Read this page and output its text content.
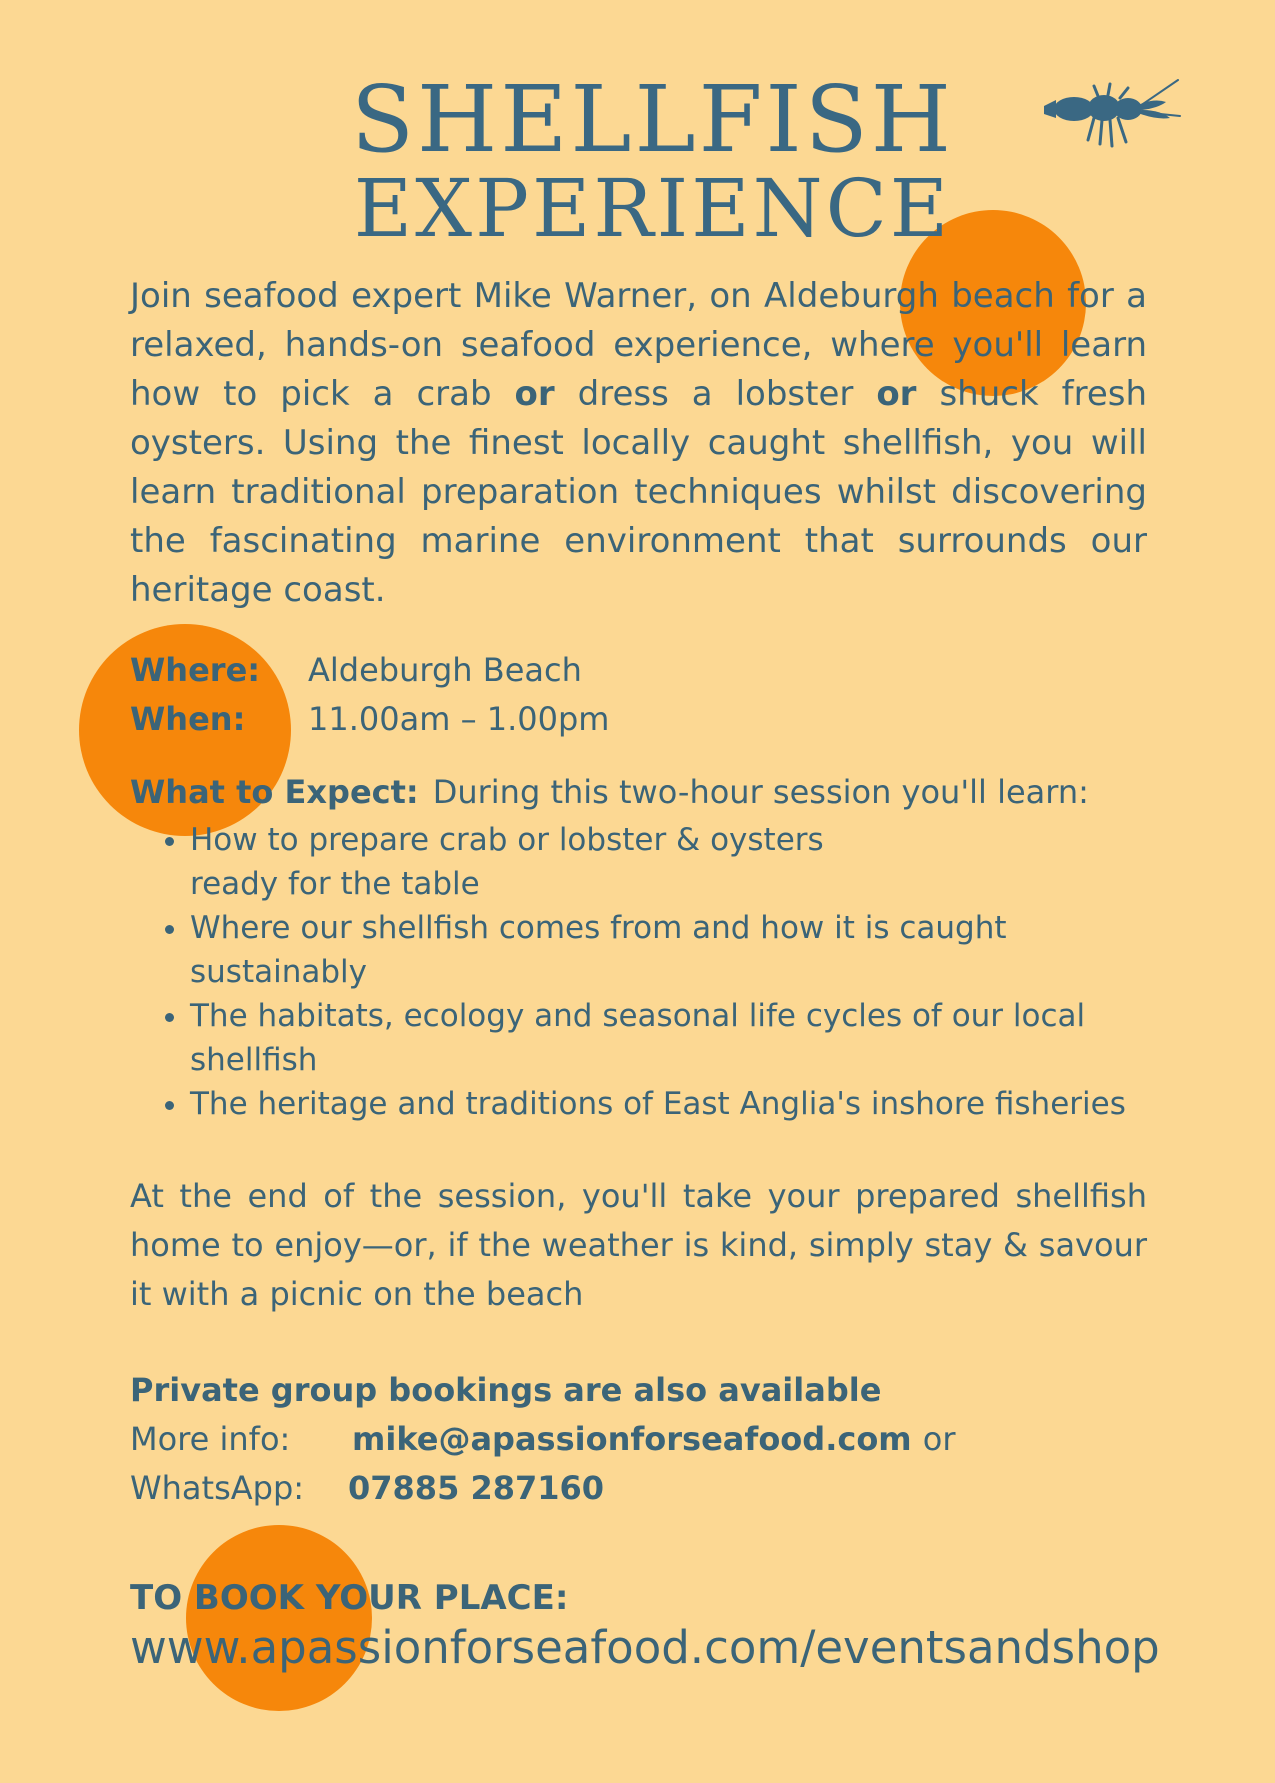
SHELLFISH
EXPERIENCE
Join seafood expert Mike Warner, on Aldeburgh beach for a relaxed, hands-on seafood experience, where you'll learn how to pick a crab or dress a lobster or shuck fresh oysters. Using the finest locally caught shellfish, you will learn traditional preparation techniques whilst discovering the fascinating marine environment that surrounds our heritage coast.
Where: Aldeburgh Beach
When: 11.00am – 1.00pm
What to Expect: During this two-hour session you'll learn:
• How to prepare crab or lobster & oysters
ready for the table
• Where our shellfish comes from and how it is caught
sustainably
• The habitats, ecology and seasonal life cycles of our local
shellfish
• The heritage and traditions of East Anglia's inshore fisheries
At the end of the session, you'll take your prepared shellfish home to enjoy—or, if the weather is kind, simply stay & savour it with a picnic on the beach
Private group bookings are also available
More info: mike@apassionforseafood.com or
WhatsApp: 07885 287160
TO BOOK YOUR PLACE:
www.apassionforseafood.com/eventsandshop
